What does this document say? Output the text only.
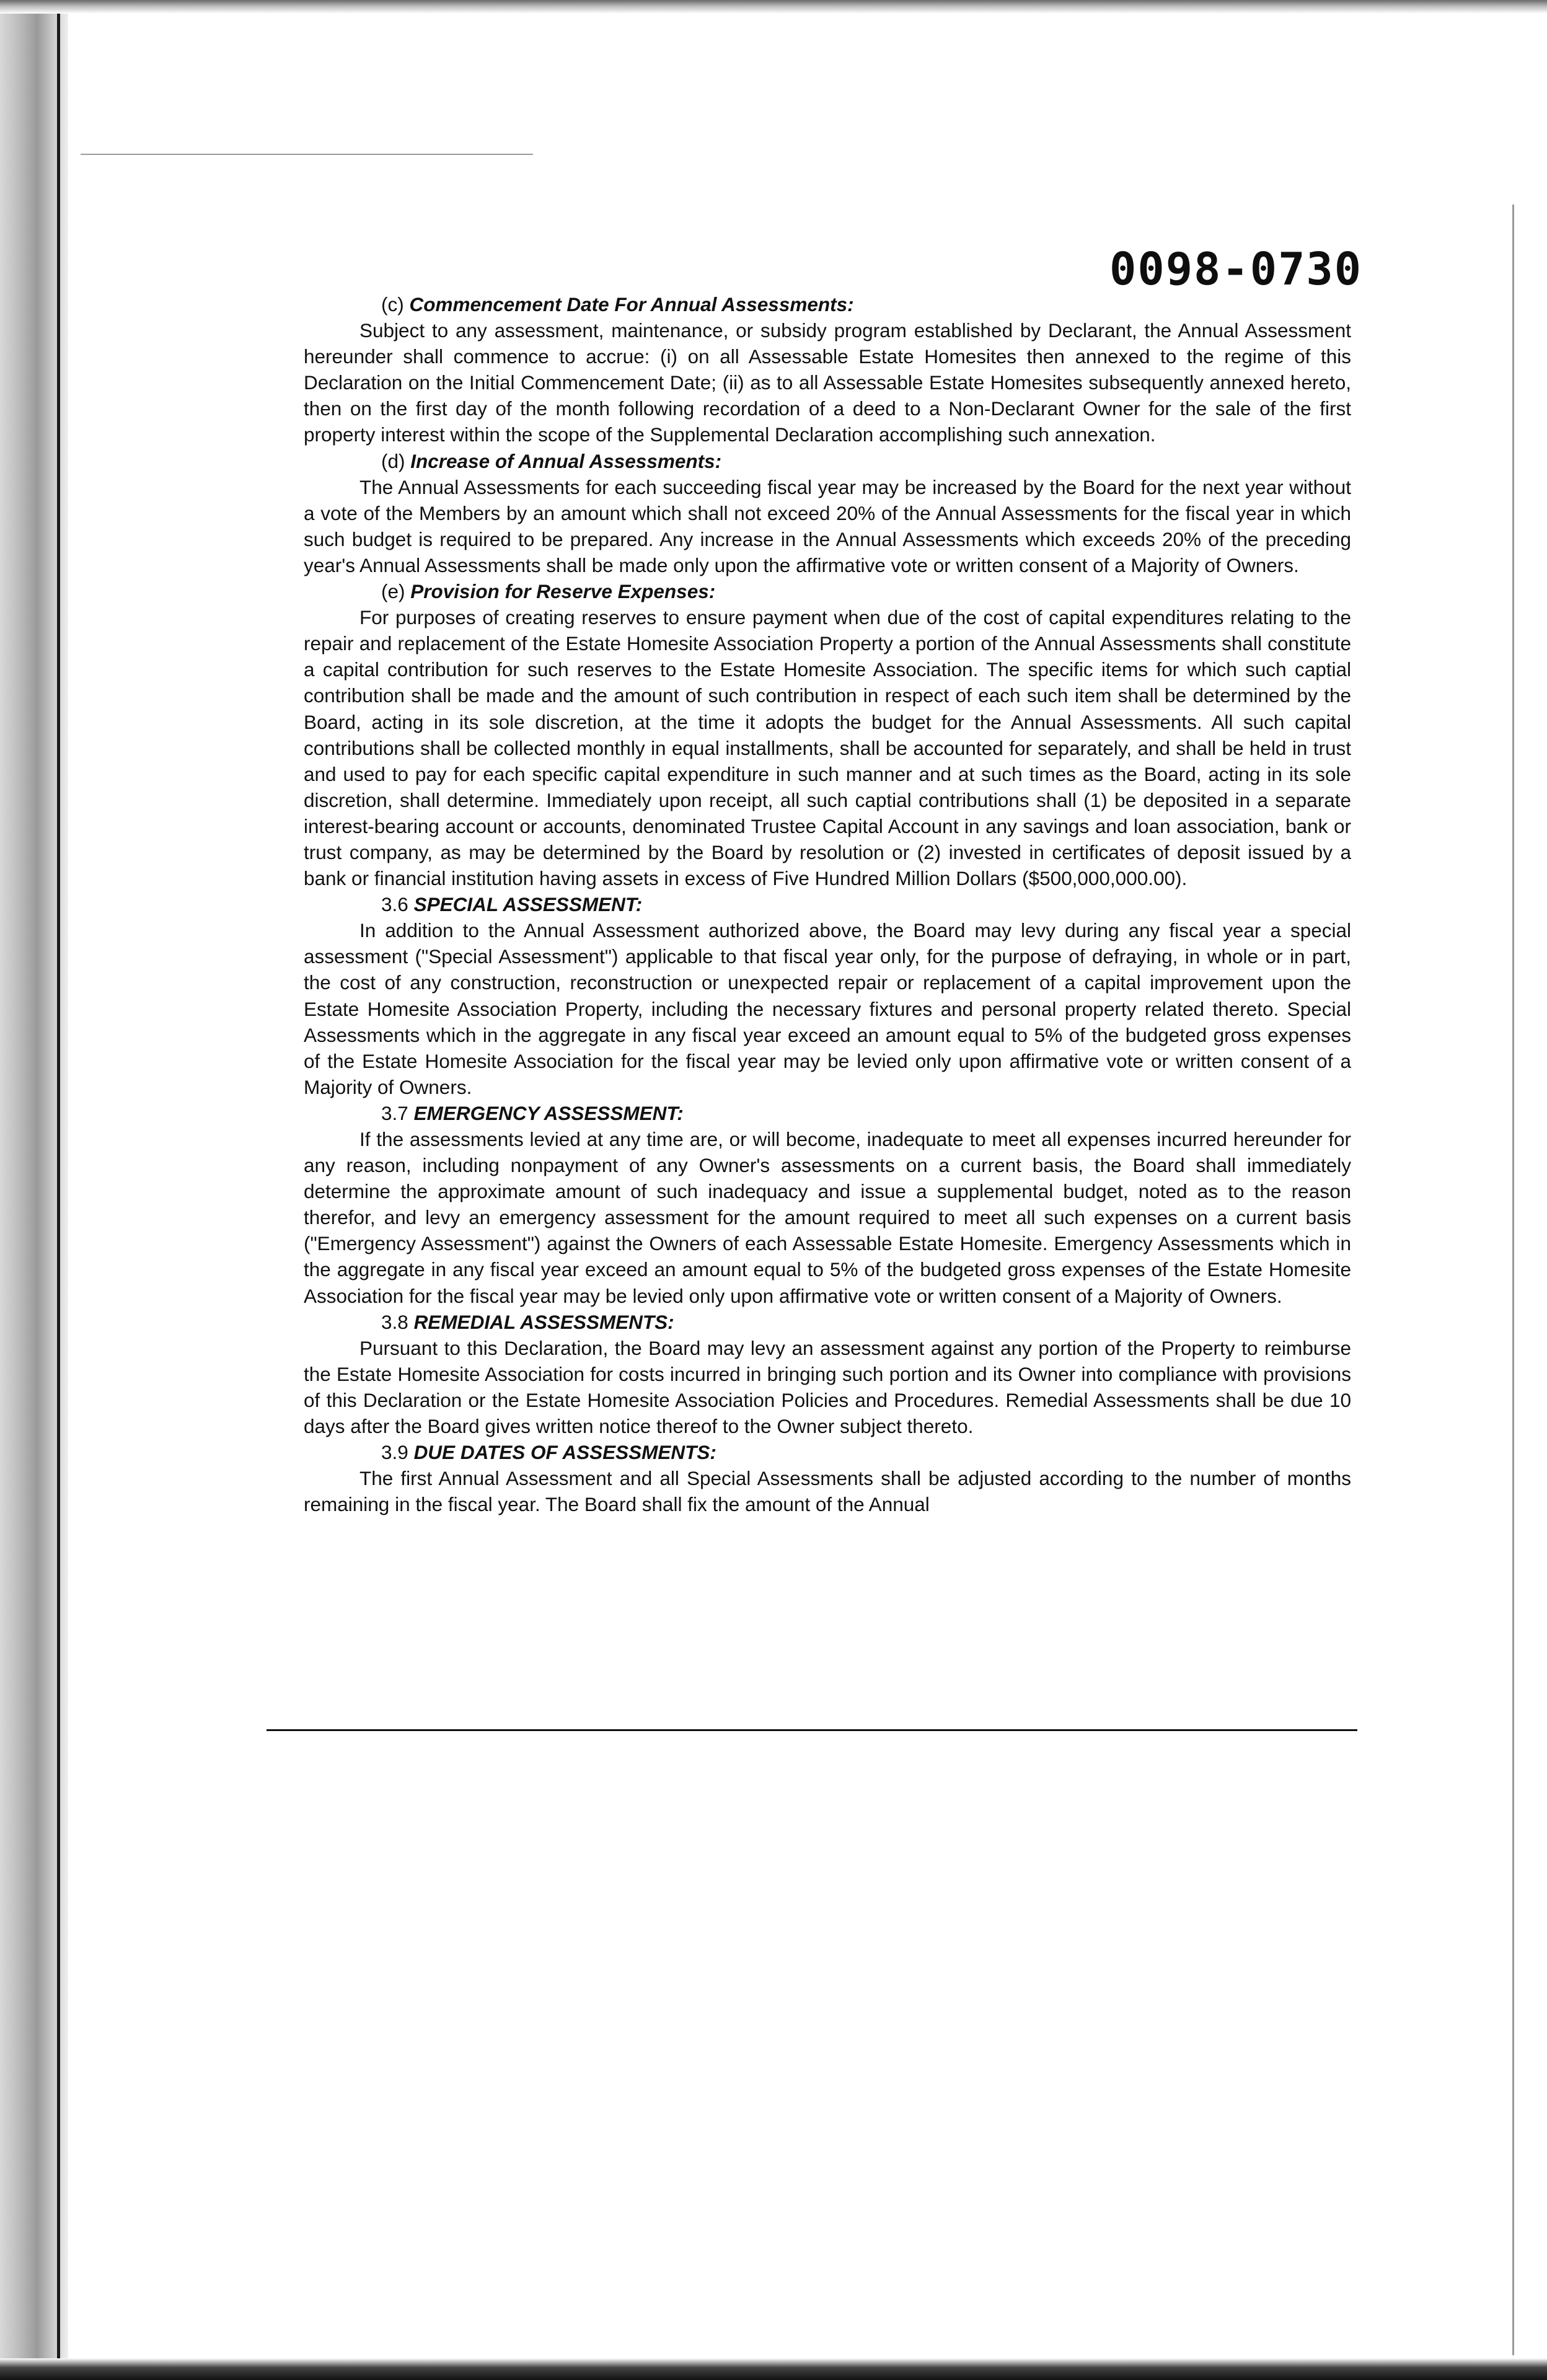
0098-0730
(c) Commencement Date For Annual Assessments:

Subject to any assessment, maintenance, or subsidy program established by Declarant, the Annual Assessment hereunder shall commence to accrue: (i) on all Assessable Estate Homesites then annexed to the regime of this Declaration on the Initial Commencement Date; (ii) as to all Assessable Estate Homesites subsequently annexed hereto, then on the first day of the month following recordation of a deed to a Non-Declarant Owner for the sale of the first property interest within the scope of the Supplemental Declaration accomplishing such annexation.

(d) Increase of Annual Assessments:

The Annual Assessments for each succeeding fiscal year may be increased by the Board for the next year without a vote of the Members by an amount which shall not exceed 20% of the Annual Assessments for the fiscal year in which such budget is required to be prepared. Any increase in the Annual Assessments which exceeds 20% of the preceding year's Annual Assessments shall be made only upon the affirmative vote or written consent of a Majority of Owners.

(e) Provision for Reserve Expenses:

For purposes of creating reserves to ensure payment when due of the cost of capital expenditures relating to the repair and replacement of the Estate Homesite Association Property a portion of the Annual Assessments shall constitute a capital contribution for such reserves to the Estate Homesite Association. The specific items for which such captial contribution shall be made and the amount of such contribution in respect of each such item shall be determined by the Board, acting in its sole discretion, at the time it adopts the budget for the Annual Assessments. All such capital contributions shall be collected monthly in equal installments, shall be accounted for separately, and shall be held in trust and used to pay for each specific capital expenditure in such manner and at such times as the Board, acting in its sole discretion, shall determine. Immediately upon receipt, all such captial contributions shall (1) be deposited in a separate interest-bearing account or accounts, denominated Trustee Capital Account in any savings and loan association, bank or trust company, as may be determined by the Board by resolution or (2) invested in certificates of deposit issued by a bank or financial institution having assets in excess of Five Hundred Million Dollars ($500,000,000.00).

3.6 SPECIAL ASSESSMENT:

In addition to the Annual Assessment authorized above, the Board may levy during any fiscal year a special assessment ("Special Assessment") applicable to that fiscal year only, for the purpose of defraying, in whole or in part, the cost of any construction, reconstruction or unexpected repair or replacement of a capital improvement upon the Estate Homesite Association Property, including the necessary fixtures and personal property related thereto. Special Assessments which in the aggregate in any fiscal year exceed an amount equal to 5% of the budgeted gross expenses of the Estate Homesite Association for the fiscal year may be levied only upon affirmative vote or written consent of a Majority of Owners.

3.7 EMERGENCY ASSESSMENT:

If the assessments levied at any time are, or will become, inadequate to meet all expenses incurred hereunder for any reason, including nonpayment of any Owner's assessments on a current basis, the Board shall immediately determine the approximate amount of such inadequacy and issue a supplemental budget, noted as to the reason therefor, and levy an emergency assessment for the amount required to meet all such expenses on a current basis ("Emergency Assessment") against the Owners of each Assessable Estate Homesite. Emergency Assessments which in the aggregate in any fiscal year exceed an amount equal to 5% of the budgeted gross expenses of the Estate Homesite Association for the fiscal year may be levied only upon affirmative vote or written consent of a Majority of Owners.

3.8 REMEDIAL ASSESSMENTS:

Pursuant to this Declaration, the Board may levy an assessment against any portion of the Property to reimburse the Estate Homesite Association for costs incurred in bringing such portion and its Owner into compliance with provisions of this Declaration or the Estate Homesite Association Policies and Procedures. Remedial Assessments shall be due 10 days after the Board gives written notice thereof to the Owner subject thereto.

3.9 DUE DATES OF ASSESSMENTS:

The first Annual Assessment and all Special Assessments shall be adjusted according to the number of months remaining in the fiscal year. The Board shall fix the amount of the Annual
